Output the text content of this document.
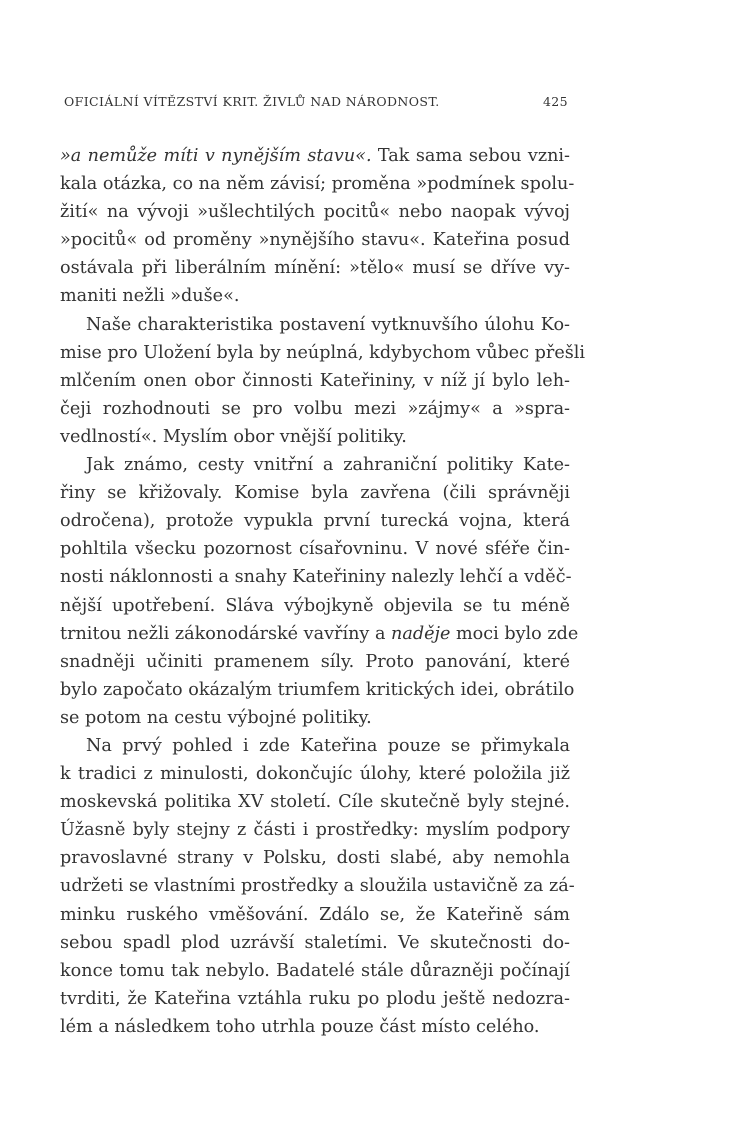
OFICIÁLNÍ VÍTĚZSTVÍ KRIT. ŽIVLŮ NAD NÁRODNOST.	425

»a nemůže míti v nynějším stavu«. Tak sama sebou vzni-
kala otázka, co na něm závisí; proměna »podmínek spolu-
žití« na vývoji »ušlechtilých pocitů« nebo naopak vývoj
»pocitů« od proměny »nynějšího stavu«. Kateřina posud
ostávala při liberálním mínění: »tělo« musí se dříve vy-
maniti nežli »duše«.

Naše charakteristika postavení vytknuvšího úlohu Ko-
mise pro Uložení byla by neúplná, kdybychom vůbec přešli
mlčením onen obor činnosti Kateřininy, v níž jí bylo leh-
čeji rozhodnouti se pro volbu mezi »zájmy« a »spra-
vedlností«. Myslím obor vnější politiky.

Jak známo, cesty vnitřní a zahraniční politiky Kate-
řiny se křižovaly. Komise byla zavřena (čili správněji
odročena), protože vypukla první turecká vojna, která
pohltila všecku pozornost císařovninu. V nové sféře čin-
nosti náklonnosti a snahy Kateřininy nalezly lehčí a vděč-
nější upotřebení. Sláva výbojkyně objevila se tu méně
trnitou nežli zákonodárské vavříny a naděje moci bylo zde
snadněji učiniti pramenem síly. Proto panování, které
bylo započato okázalým triumfem kritických idei, obrátilo
se potom na cestu výbojné politiky.

Na prvý pohled i zde Kateřina pouze se přimykala
k tradici z minulosti, dokončujíc úlohy, které položila již
moskevská politika XV století. Cíle skutečně byly stejné.
Úžasně byly stejny z části i prostředky: myslím podpory
pravoslavné strany v Polsku, dosti slabé, aby nemohla
udržeti se vlastními prostředky a sloužila ustavičně za zá-
minku ruského vměšování. Zdálo se, že Kateřině sám
sebou spadl plod uzrávší staletími. Ve skutečnosti do-
konce tomu tak nebylo. Badatelé stále důrazněji počínají
tvrditi, že Kateřina vztáhla ruku po plodu ještě nedozra-
lém a následkem toho utrhla pouze část místo celého.
